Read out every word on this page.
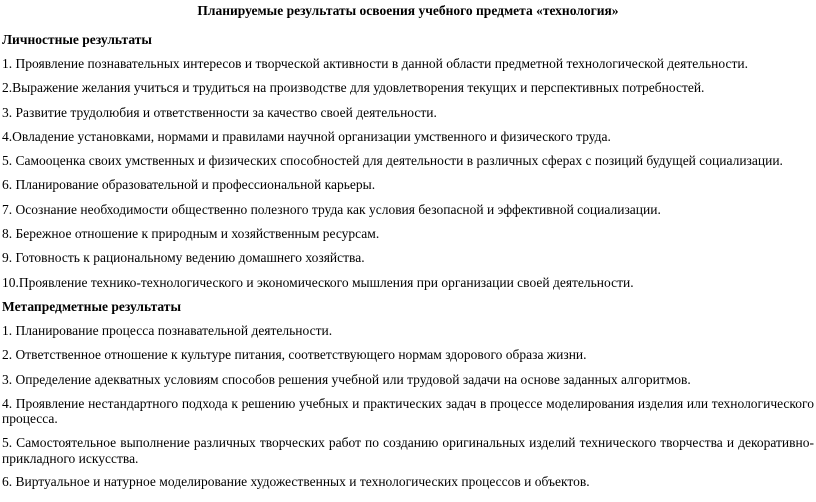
Планируемые результаты освоения учебного предмета «технология»
Личностные результаты
1. Проявление познавательных интересов и творческой активности в данной области предметной технологической деятельности.
2.Выражение желания учиться и трудиться на производстве для удовлетворения текущих и перспективных потребностей.
3. Развитие трудолюбия и ответственности за качество своей деятельности.
4.Овладение установками, нормами и правилами научной организации умственного и физического труда.
5. Самооценка своих умственных и физических способностей для деятельности в различных сферах с позиций будущей социализации.
6. Планирование образовательной и профессиональной карьеры.
7. Осознание необходимости общественно полезного труда как условия безопасной и эффективной социализации.
8. Бережное отношение к природным и хозяйственным ресурсам.
9. Готовность к рациональному ведению домашнего хозяйства.
10.Проявление технико-технологического и экономического мышления при организации своей деятельности.
Метапредметные результаты
1. Планирование процесса познавательной деятельности.
2. Ответственное отношение к культуре питания, соответствующего нормам здорового образа жизни.
3. Определение адекватных условиям способов решения учебной или трудовой задачи на основе заданных алгоритмов.
4. Проявление нестандартного подхода к решению учебных и практических задач в процессе моделирования изделия или технологического процесса.
5. Самостоятельное выполнение различных творческих работ по созданию оригинальных изделий технического творчества и декоративно-прикладного искусства.
6. Виртуальное и натурное моделирование художественных и технологических процессов и объектов.
